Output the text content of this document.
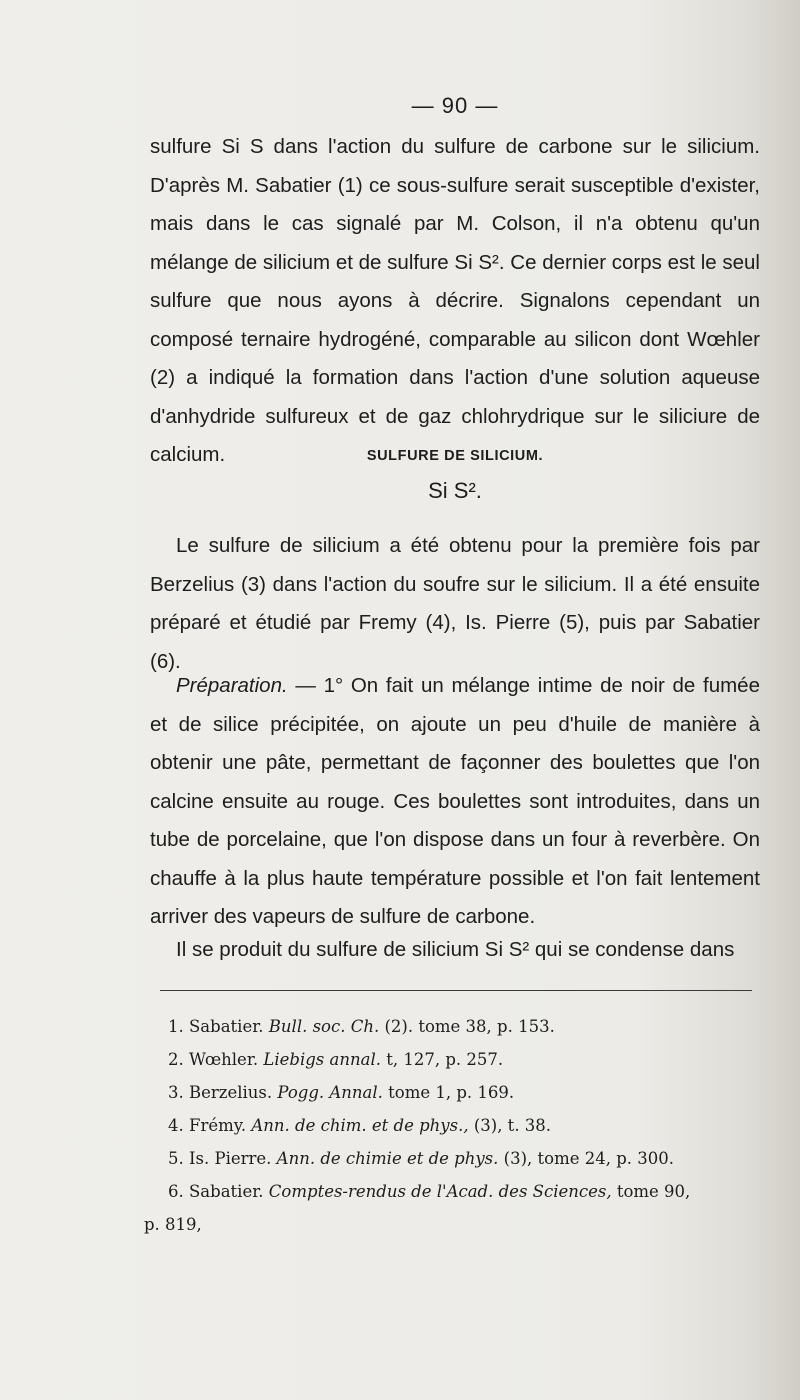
— 90 —

sulfure Si S dans l'action du sulfure de carbone sur le silicium. D'après M. Sabatier (1) ce sous-sulfure serait susceptible d'exister, mais dans le cas signalé par M. Colson, il n'a obtenu qu'un mélange de silicium et de sulfure Si S². Ce dernier corps est le seul sulfure que nous ayons à décrire. Signalons cependant un composé ternaire hydrogéné, comparable au silicon dont Wœhler (2) a indiqué la formation dans l'action d'une solution aqueuse d'anhydride sulfureux et de gaz chlohrydrique sur le siliciure de calcium.	SULFURE DE SILICIUM.
Si S².

Le sulfure de silicium a été obtenu pour la première fois par Berzelius (3) dans l'action du soufre sur le silicium. Il a été ensuite préparé et étudié par Fremy (4), Is. Pierre (5), puis par Sabatier (6).

Préparation. — 1° On fait un mélange intime de noir de fumée et de silice précipitée, on ajoute un peu d'huile de manière à obtenir une pâte, permettant de façonner des boulettes que l'on calcine ensuite au rouge. Ces boulettes sont introduites, dans un tube de porcelaine, que l'on dispose dans un four à reverbère. On chauffe à la plus haute température possible et l'on fait lentement arriver des vapeurs de sulfure de carbone.

Il se produit du sulfure de silicium Si S² qui se condense dans

1. Sabatier. Bull. soc. Ch. (2). tome 38, p. 153.
2. Wœhler. Liebigs annal. t, 127, p. 257.
3. Berzelius. Pogg. Annal. tome 1, p. 169.
4. Frémy. Ann. de chim. et de phys., (3), t. 38.
5. Is. Pierre. Ann. de chimie et de phys. (3), tome 24, p. 300.
6. Sabatier. Comptes-rendus de l'Acad. des Sciences, tome 90,
p. 819,
